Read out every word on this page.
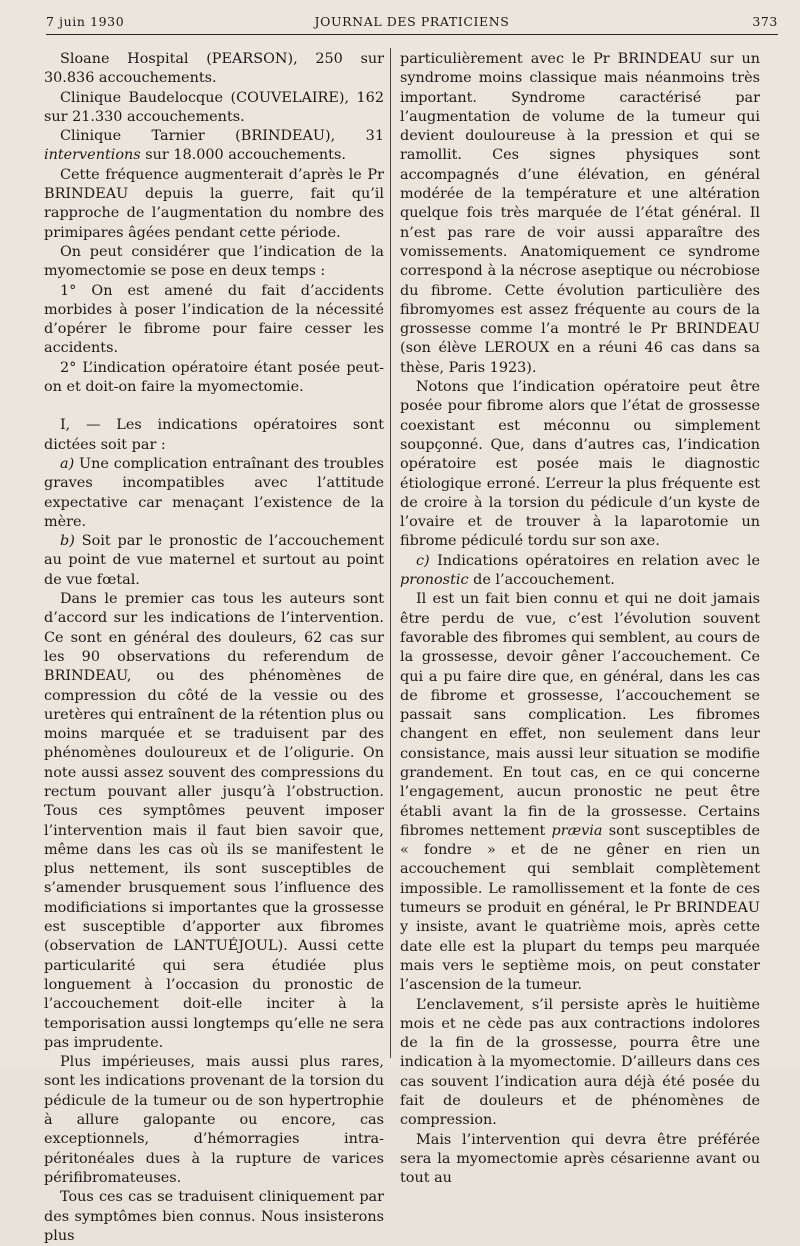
7 juin 1930	JOURNAL DES PRATICIENS	373

Sloane Hospital (PEARSON), 250 sur 30.836 accouchements.

Clinique Baudelocque (COUVELAIRE), 162 sur 21.330 accouchements.

Clinique Tarnier (BRINDEAU), 31 interventions sur 18.000 accouchements.

Cette fréquence augmenterait d’après le Pr BRINDEAU depuis la guerre, fait qu’il rapproche de l’augmentation du nombre des primipares âgées pendant cette période.

On peut considérer que l’indication de la myomectomie se pose en deux temps :

1° On est amené du fait d’accidents morbides à poser l’indication de la nécessité d’opérer le fibrome pour faire cesser les accidents.

2° L’indication opératoire étant posée peut-on et doit-on faire la myomectomie.

I, — Les indications opératoires sont dictées soit par :

a) Une complication entraînant des troubles graves incompatibles avec l’attitude expectative car menaçant l’existence de la mère.

b) Soit par le pronostic de l’accouchement au point de vue maternel et surtout au point de vue fœtal.

Dans le premier cas tous les auteurs sont d’accord sur les indications de l’intervention. Ce sont en général des douleurs, 62 cas sur les 90 observations du referendum de BRINDEAU, ou des phénomènes de compression du côté de la vessie ou des uretères qui entraînent de la rétention plus ou moins marquée et se traduisent par des phénomènes douloureux et de l’oligurie. On note aussi assez souvent des compressions du rectum pouvant aller jusqu’à l’obstruction. Tous ces symptômes peuvent imposer l’intervention mais il faut bien savoir que, même dans les cas où ils se manifestent le plus nettement, ils sont susceptibles de s’amender brusquement sous l’influence des modificiations si importantes que la grossesse est susceptible d’apporter aux fibromes (observation de LANTUÉJOUL). Aussi cette particularité qui sera étudiée plus longuement à l’occasion du pronostic de l’accouchement doit-elle inciter à la temporisation aussi longtemps qu’elle ne sera pas imprudente.

Plus impérieuses, mais aussi plus rares, sont les indications provenant de la torsion du pédicule de la tumeur ou de son hypertrophie à allure galopante ou encore, cas exceptionnels, d’hémorragies intra-péritonéales dues à la rupture de varices périfibromateuses.

Tous ces cas se traduisent cliniquement par des symptômes bien connus. Nous insisterons plus

particulièrement avec le Pr BRINDEAU sur un syndrome moins classique mais néanmoins très important. Syndrome caractérisé par l’augmentation de volume de la tumeur qui devient douloureuse à la pression et qui se ramollit. Ces signes physiques sont accompagnés d’une élévation, en général modérée de la température et une altération quelque fois très marquée de l’état général. Il n’est pas rare de voir aussi apparaître des vomissements. Anatomiquement ce syndrome correspond à la nécrose aseptique ou nécrobiose du fibrome. Cette évolution particulière des fibromyomes est assez fréquente au cours de la grossesse comme l’a montré le Pr BRINDEAU (son élève LEROUX en a réuni 46 cas dans sa thèse, Paris 1923).

Notons que l’indication opératoire peut être posée pour fibrome alors que l’état de grossesse coexistant est méconnu ou simplement soupçonné. Que, dans d’autres cas, l’indication opératoire est posée mais le diagnostic étiologique erroné. L’erreur la plus fréquente est de croire à la torsion du pédicule d’un kyste de l’ovaire et de trouver à la laparotomie un fibrome pédiculé tordu sur son axe.

c) Indications opératoires en relation avec le pronostic de l’accouchement.

Il est un fait bien connu et qui ne doit jamais être perdu de vue, c’est l’évolution souvent favorable des fibromes qui semblent, au cours de la grossesse, devoir gêner l’accouchement. Ce qui a pu faire dire que, en général, dans les cas de fibrome et grossesse, l’accouchement se passait sans complication. Les fibromes changent en effet, non seulement dans leur consistance, mais aussi leur situation se modifie grandement. En tout cas, en ce qui concerne l’engagement, aucun pronostic ne peut être établi avant la fin de la grossesse. Certains fibromes nettement prævia sont susceptibles de « fondre » et de ne gêner en rien un accouchement qui semblait complètement impossible. Le ramollissement et la fonte de ces tumeurs se produit en général, le Pr BRINDEAU y insiste, avant le quatrième mois, après cette date elle est la plupart du temps peu marquée mais vers le septième mois, on peut constater l’ascension de la tumeur.

L’enclavement, s’il persiste après le huitième mois et ne cède pas aux contractions indolores de la fin de la grossesse, pourra être une indication à la myomectomie. D’ailleurs dans ces cas souvent l’indication aura déjà été posée du fait de douleurs et de phénomènes de compression.

Mais l’intervention qui devra être préférée sera la myomectomie après césarienne avant ou tout au
